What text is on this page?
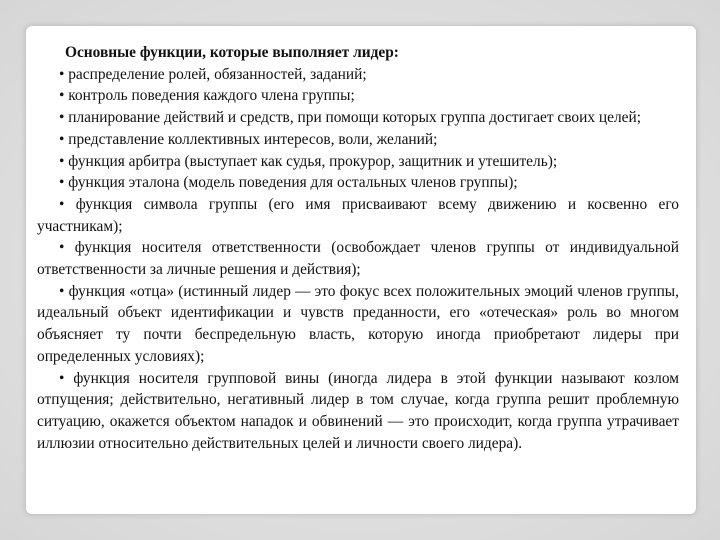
Основные функции, которые выполняет лидер:

• распределение ролей, обязанностей, заданий;

• контроль поведения каждого члена группы;

• планирование действий и средств, при помощи которых группа достигает своих целей;

• представление коллективных интересов, воли, желаний;

• функция арбитра (выступает как судья, прокурор, защитник и утешитель);

• функция эталона (модель поведения для остальных членов группы);

• функция символа группы (его имя присваивают всему движению и косвенно его участникам);

• функция носителя ответственности (освобождает членов группы от индивидуальной ответственности за личные решения и действия);

• функция «отца» (истинный лидер — это фокус всех положительных эмоций членов группы, идеальный объект идентификации и чувств преданности, его «отеческая» роль во многом объясняет ту почти беспредельную власть, которую иногда приобретают лидеры при определенных условиях);

• функция носителя групповой вины (иногда лидера в этой функции называют козлом отпущения; действительно, негативный лидер в том случае, когда группа решит проблемную ситуацию, окажется объектом нападок и обвинений — это происходит, когда группа утрачивает иллюзии относительно действительных целей и личности своего лидера).
